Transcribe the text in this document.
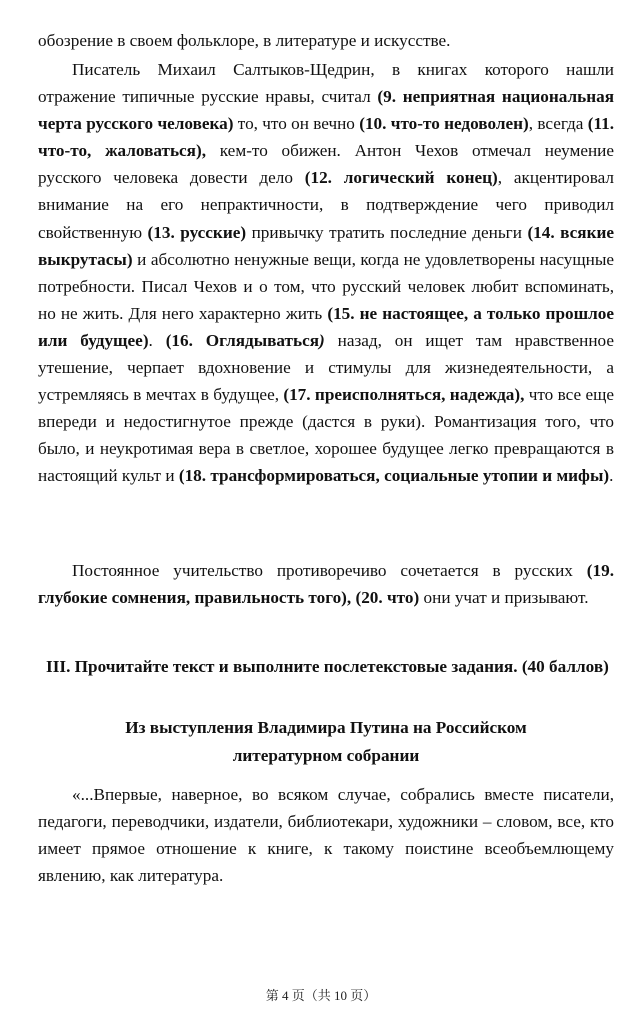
обозрение в своем фольклоре, в литературе и искусстве.

Писатель Михаил Салтыков-Щедрин, в книгах которого нашли отражение типичные русские нравы, считал (9. неприятная национальная черта русского человека) то, что он вечно (10. что-то недоволен), всегда (11. что-то, жаловаться), кем-то обижен. Антон Чехов отмечал неумение русского человека довести дело (12. логический конец), акцентировал внимание на его непрактичности, в подтверждение чего приводил свойственную (13. русские) привычку тратить последние деньги (14. всякие выкрутасы) и абсолютно ненужные вещи, когда не удовлетворены насущные потребности. Писал Чехов и о том, что русский человек любит вспоминать, но не жить. Для него характерно жить (15. не настоящее, а только прошлое или будущее). (16. Оглядываться) назад, он ищет там нравственное утешение, черпает вдохновение и стимулы для жизнедеятельности, а устремляясь в мечтах в будущее, (17. преисполняться, надежда), что все еще впереди и недостигнутое прежде (дастся в руки). Романтизация того, что было, и неукротимая вера в светлое, хорошее будущее легко превращаются в настоящий культ и (18. трансформироваться, социальные утопии и мифы).

Постоянное учительство противоречиво сочетается в русских (19. глубокие сомнения, правильность того), (20. что) они учат и призывают.

III. Прочитайте текст и выполните послетекстовые задания. (40 баллов)

Из выступления Владимира Путина на Российском
литературном собрании

«...Впервые, наверное, во всяком случае, собрались вместе писатели, педагоги, переводчики, издатели, библиотекари, художники – словом, все, кто имеет прямое отношение к книге, к такому поистине всеобъемлющему явлению, как литература.

第 4 页（共 10 页）
